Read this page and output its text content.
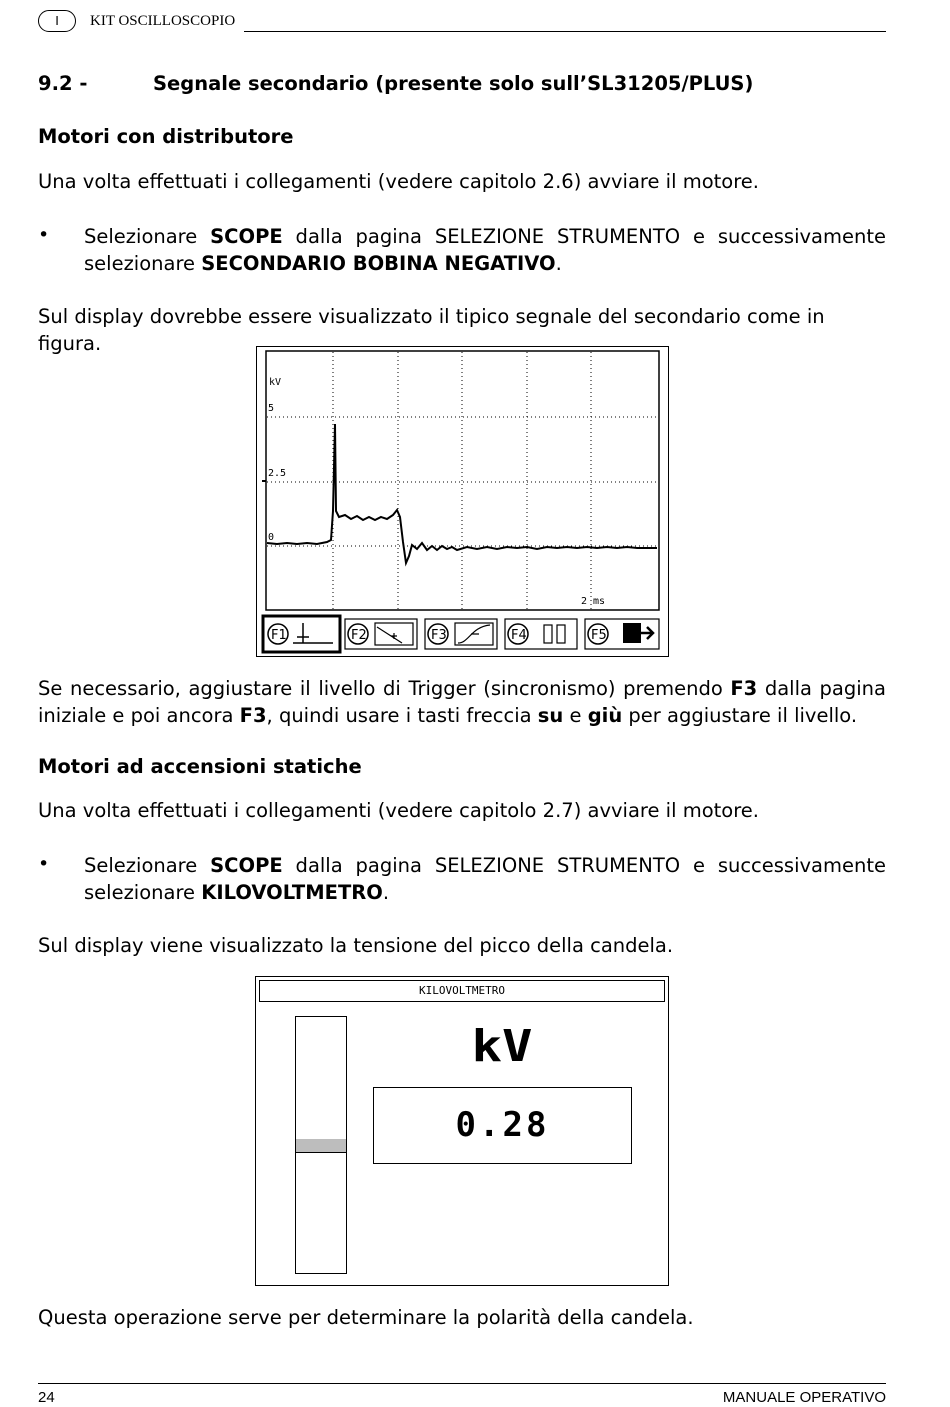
I	KIT OSCILLOSCOPIO
9.2 -	Segnale secondario (presente solo sull’SL31205/PLUS)
Motori con distributore
Una volta effettuati i collegamenti (vedere capitolo 2.6) avviare il motore.
• Selezionare SCOPE dalla pagina SELEZIONE STRUMENTO e successivamente selezionare SECONDARIO BOBINA NEGATIVO.
Sul display dovrebbe essere visualizzato il tipico segnale del secondario come in figura.
kV
5
2.5
0
2 ms
F1	F2	F3	F4	F5
Se necessario, aggiustare il livello di Trigger (sincronismo) premendo F3 dalla pagina iniziale e poi ancora F3, quindi usare i tasti freccia su e giù per aggiustare il livello.
Motori ad accensioni statiche
Una volta effettuati i collegamenti (vedere capitolo 2.7) avviare il motore.
• Selezionare SCOPE dalla pagina SELEZIONE STRUMENTO e successivamente selezionare KILOVOLTMETRO.
Sul display viene visualizzato la tensione del picco della candela.
KILOVOLTMETRO
kV
0.28
Questa operazione serve per determinare la polarità della candela.
24	MANUALE OPERATIVO
